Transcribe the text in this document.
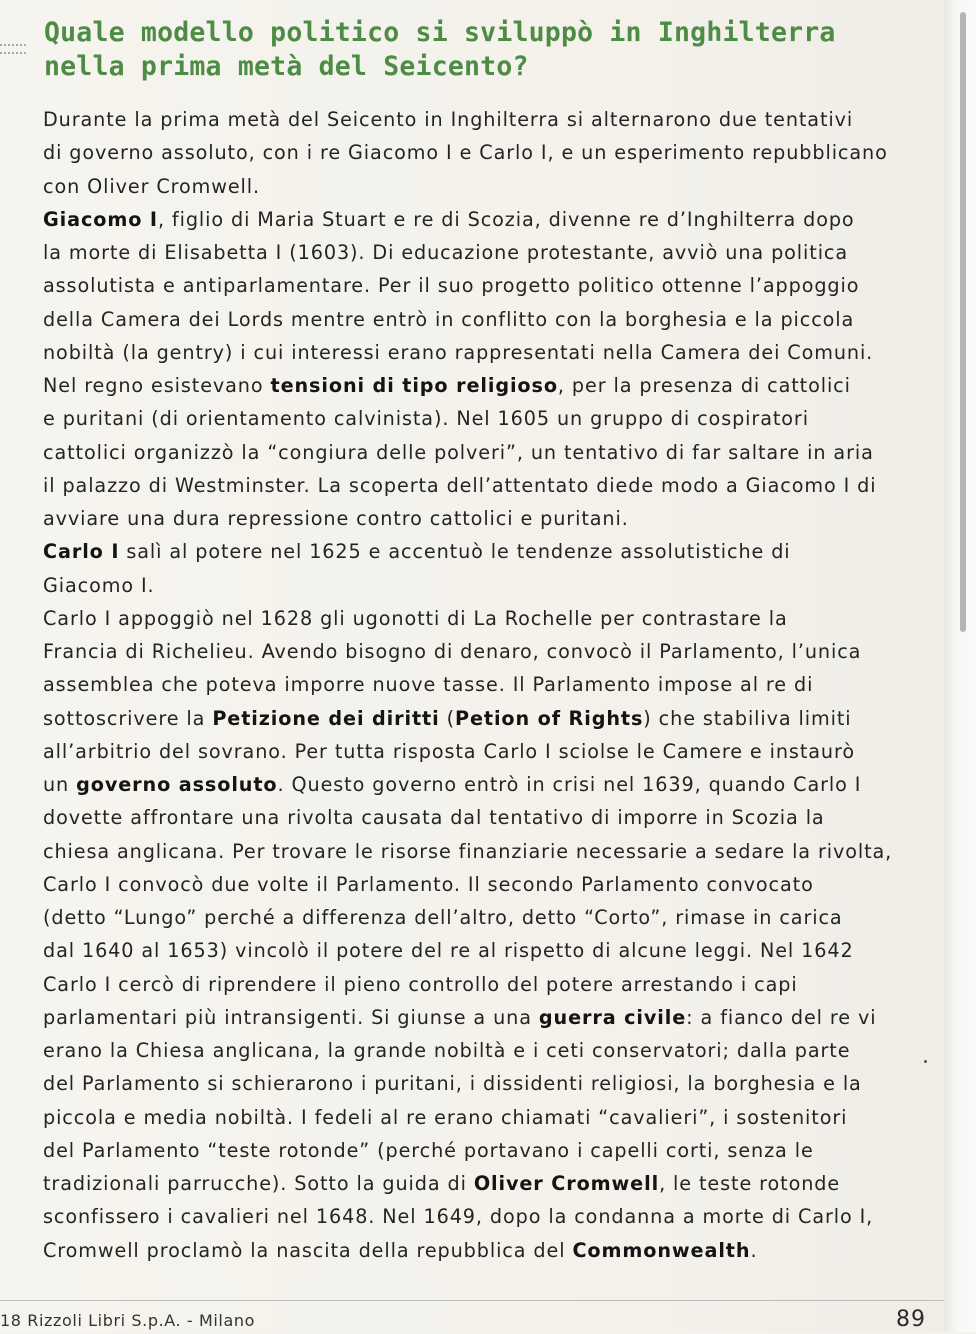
Quale modello politico si sviluppò in Inghilterra
nella prima metà del Seicento?
Durante la prima metà del Seicento in Inghilterra si alternarono due tentativi
di governo assoluto, con i re Giacomo I e Carlo I, e un esperimento repubblicano
con Oliver Cromwell.
Giacomo I, figlio di Maria Stuart e re di Scozia, divenne re d’Inghilterra dopo
la morte di Elisabetta I (1603). Di educazione protestante, avviò una politica
assolutista e antiparlamentare. Per il suo progetto politico ottenne l’appoggio
della Camera dei Lords mentre entrò in conflitto con la borghesia e la piccola
nobiltà (la gentry) i cui interessi erano rappresentati nella Camera dei Comuni.
Nel regno esistevano tensioni di tipo religioso, per la presenza di cattolici
e puritani (di orientamento calvinista). Nel 1605 un gruppo di cospiratori
cattolici organizzò la “congiura delle polveri”, un tentativo di far saltare in aria
il palazzo di Westminster. La scoperta dell’attentato diede modo a Giacomo I di
avviare una dura repressione contro cattolici e puritani.
Carlo I salì al potere nel 1625 e accentuò le tendenze assolutistiche di
Giacomo I.
Carlo I appoggiò nel 1628 gli ugonotti di La Rochelle per contrastare la
Francia di Richelieu. Avendo bisogno di denaro, convocò il Parlamento, l’unica
assemblea che poteva imporre nuove tasse. Il Parlamento impose al re di
sottoscrivere la Petizione dei diritti (Petion of Rights) che stabiliva limiti
all’arbitrio del sovrano. Per tutta risposta Carlo I sciolse le Camere e instaurò
un governo assoluto. Questo governo entrò in crisi nel 1639, quando Carlo I
dovette affrontare una rivolta causata dal tentativo di imporre in Scozia la
chiesa anglicana. Per trovare le risorse finanziarie necessarie a sedare la rivolta,
Carlo I convocò due volte il Parlamento. Il secondo Parlamento convocato
(detto “Lungo” perché a differenza dell’altro, detto “Corto”, rimase in carica
dal 1640 al 1653) vincolò il potere del re al rispetto di alcune leggi. Nel 1642
Carlo I cercò di riprendere il pieno controllo del potere arrestando i capi
parlamentari più intransigenti. Si giunse a una guerra civile: a fianco del re vi
erano la Chiesa anglicana, la grande nobiltà e i ceti conservatori; dalla parte
del Parlamento si schierarono i puritani, i dissidenti religiosi, la borghesia e la
piccola e media nobiltà. I fedeli al re erano chiamati “cavalieri”, i sostenitori
del Parlamento “teste rotonde” (perché portavano i capelli corti, senza le
tradizionali parrucche). Sotto la guida di Oliver Cromwell, le teste rotonde
sconfissero i cavalieri nel 1648. Nel 1649, dopo la condanna a morte di Carlo I,
Cromwell proclamò la nascita della repubblica del Commonwealth.
18 Rizzoli Libri S.p.A. - Milano	89
